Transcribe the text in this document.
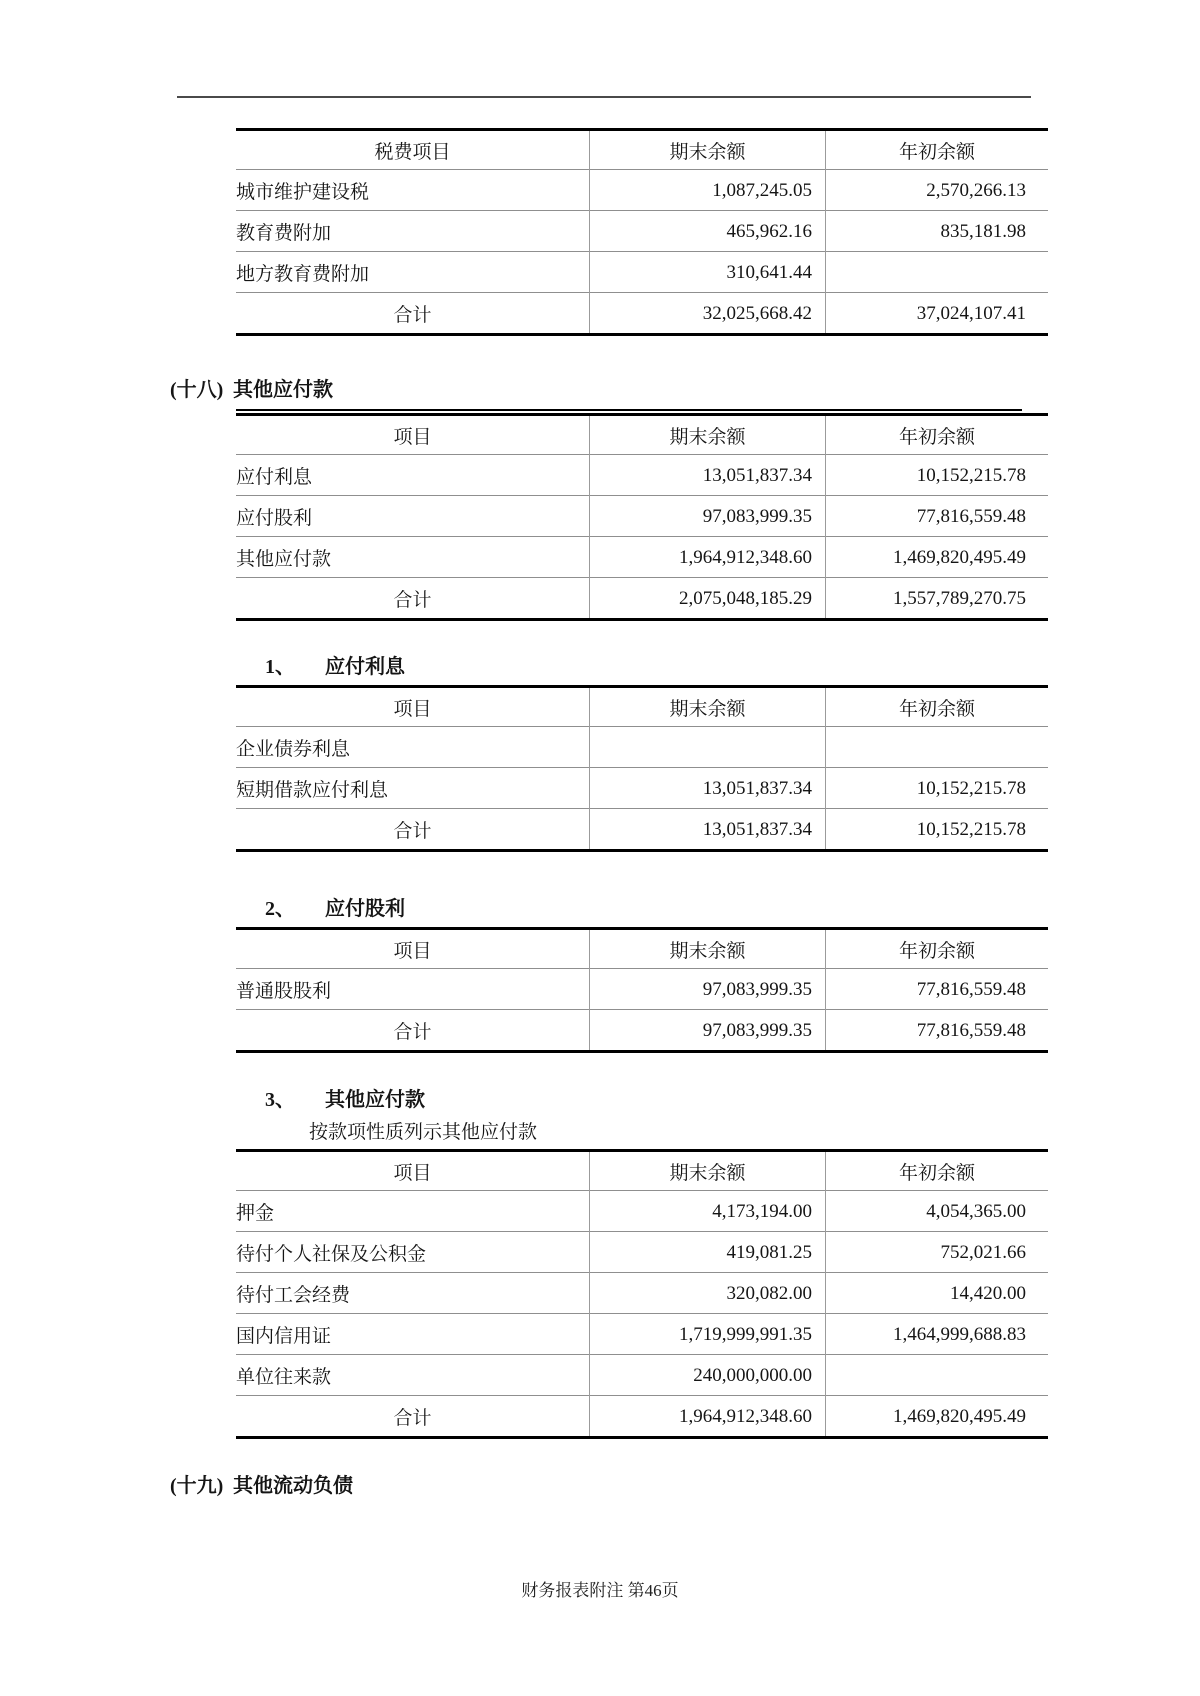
税费项目	期末余额	年初余额
城市维护建设税	1,087,245.05	2,570,266.13
教育费附加	465,962.16	835,181.98
地方教育费附加	310,641.44	
合计	32,025,668.42	37,024,107.41
(十八) 其他应付款
项目	期末余额	年初余额
应付利息	13,051,837.34	10,152,215.78
应付股利	97,083,999.35	77,816,559.48
其他应付款	1,964,912,348.60	1,469,820,495.49
合计	2,075,048,185.29	1,557,789,270.75
1、 应付利息
项目	期末余额	年初余额
企业债券利息		
短期借款应付利息	13,051,837.34	10,152,215.78
合计	13,051,837.34	10,152,215.78
2、 应付股利
项目	期末余额	年初余额
普通股股利	97,083,999.35	77,816,559.48
合计	97,083,999.35	77,816,559.48
3、 其他应付款
按款项性质列示其他应付款
项目	期末余额	年初余额
押金	4,173,194.00	4,054,365.00
待付个人社保及公积金	419,081.25	752,021.66
待付工会经费	320,082.00	14,420.00
国内信用证	1,719,999,991.35	1,464,999,688.83
单位往来款	240,000,000.00	
合计	1,964,912,348.60	1,469,820,495.49
(十九) 其他流动负债
财务报表附注 第46页
